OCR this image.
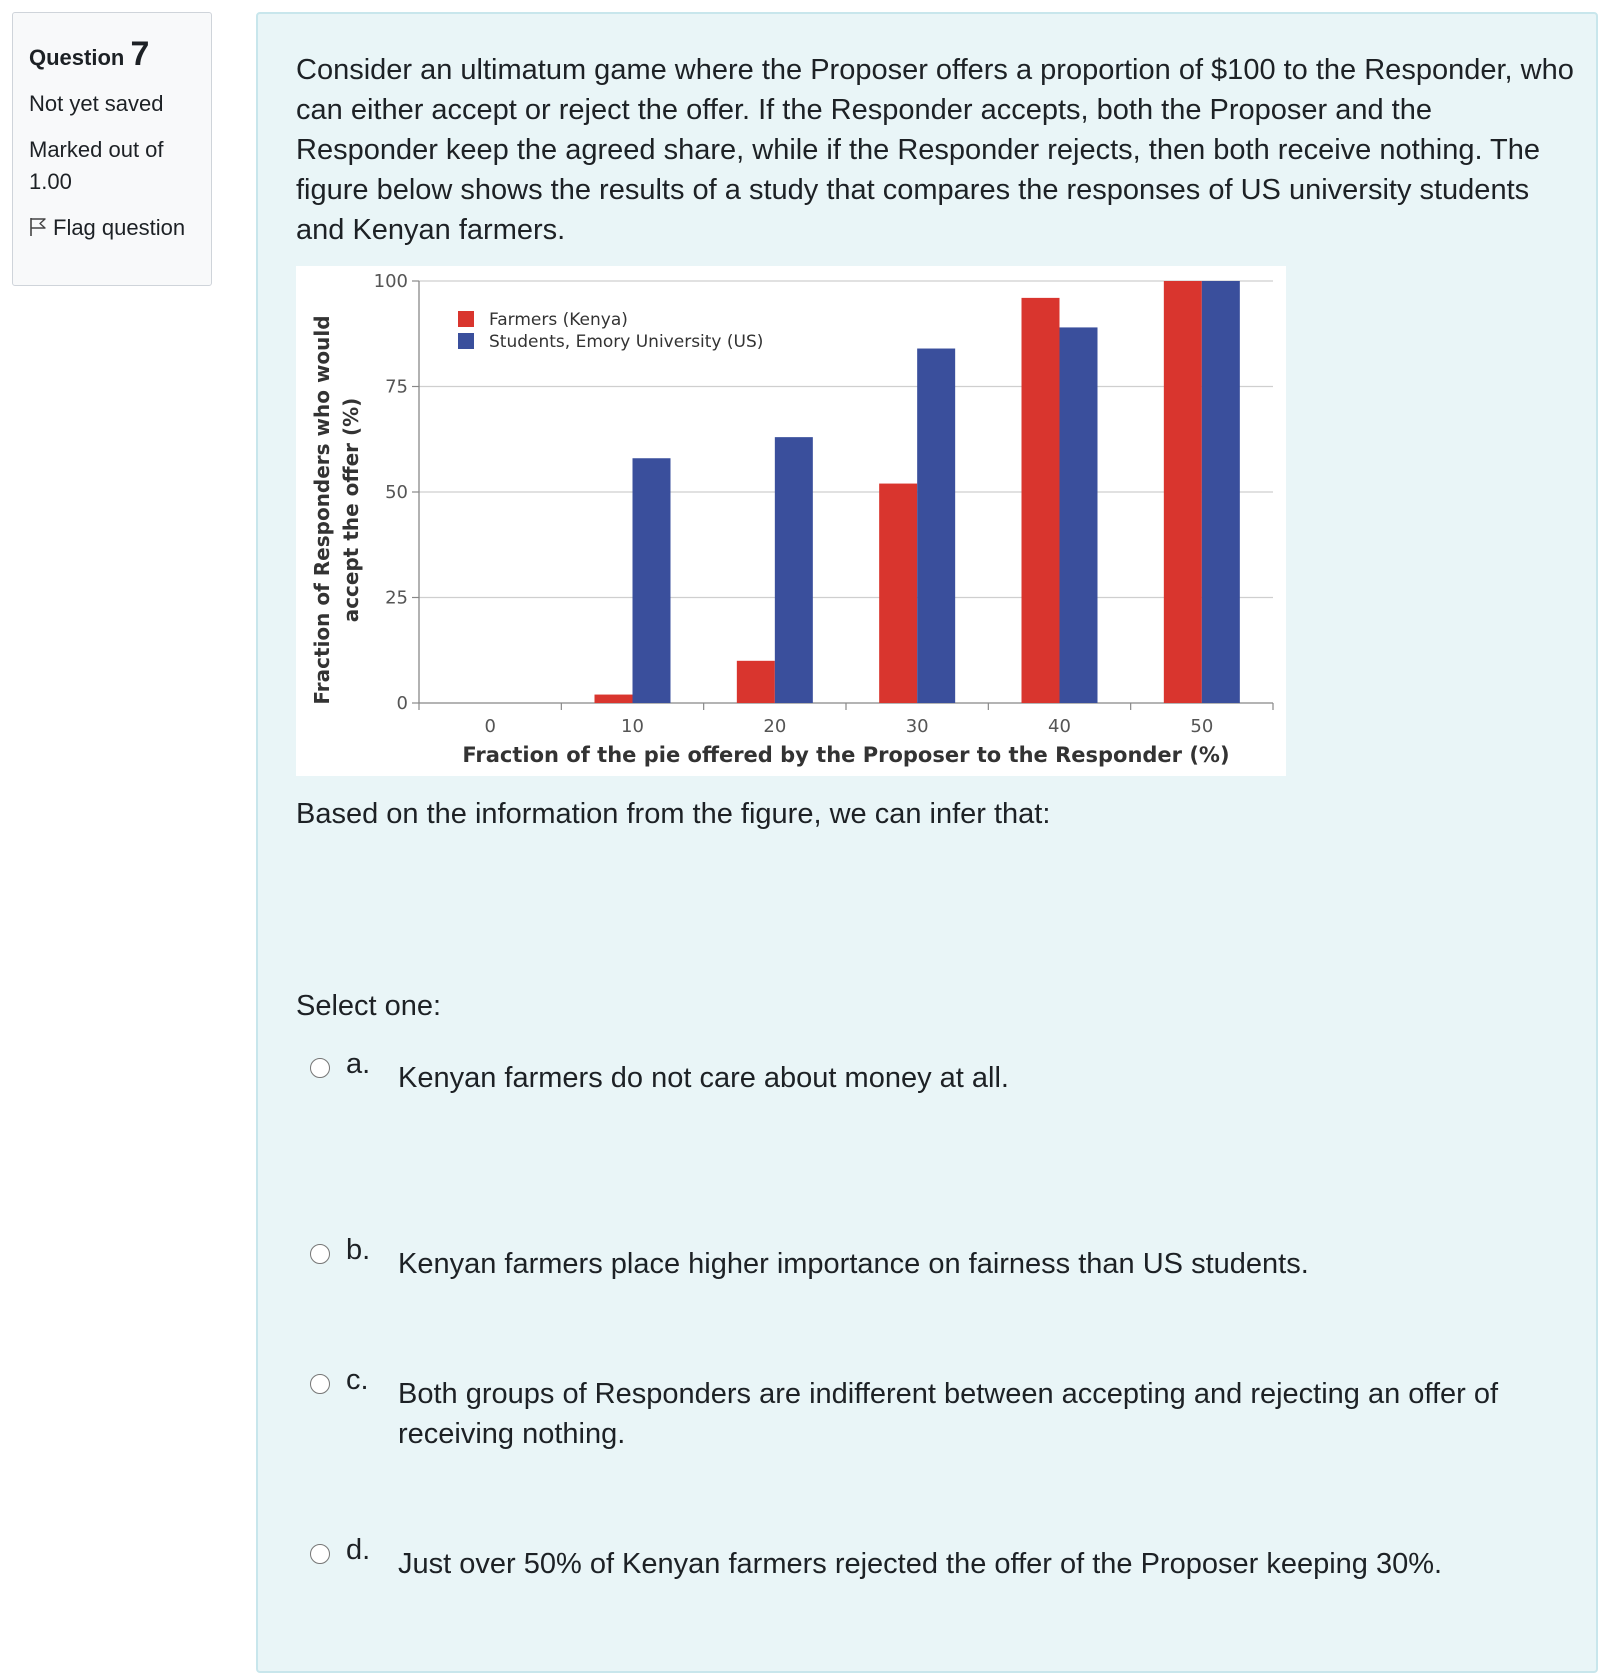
Question 7
Not yet saved
Marked out of 1.00
Flag question

Consider an ultimatum game where the Proposer offers a proportion of $100 to the Responder, who can either accept or reject the offer. If the Responder accepts, both the Proposer and the Responder keep the agreed share, while if the Responder rejects, then both receive nothing. The figure below shows the results of a study that compares the responses of US university students and Kenyan farmers.

0
25
50
75
100
0	10	20	30	40	50
Fraction of the pie offered by the Proposer to the Responder (%)
Fraction of Responders who would accept the offer (%)
Farmers (Kenya)
Students, Emory University (US)

Based on the information from the figure, we can infer that:

Select one:

a. Kenyan farmers do not care about money at all.
b. Kenyan farmers place higher importance on fairness than US students.
c. Both groups of Responders are indifferent between accepting and rejecting an offer of receiving nothing.
d. Just over 50% of Kenyan farmers rejected the offer of the Proposer keeping 30%.
